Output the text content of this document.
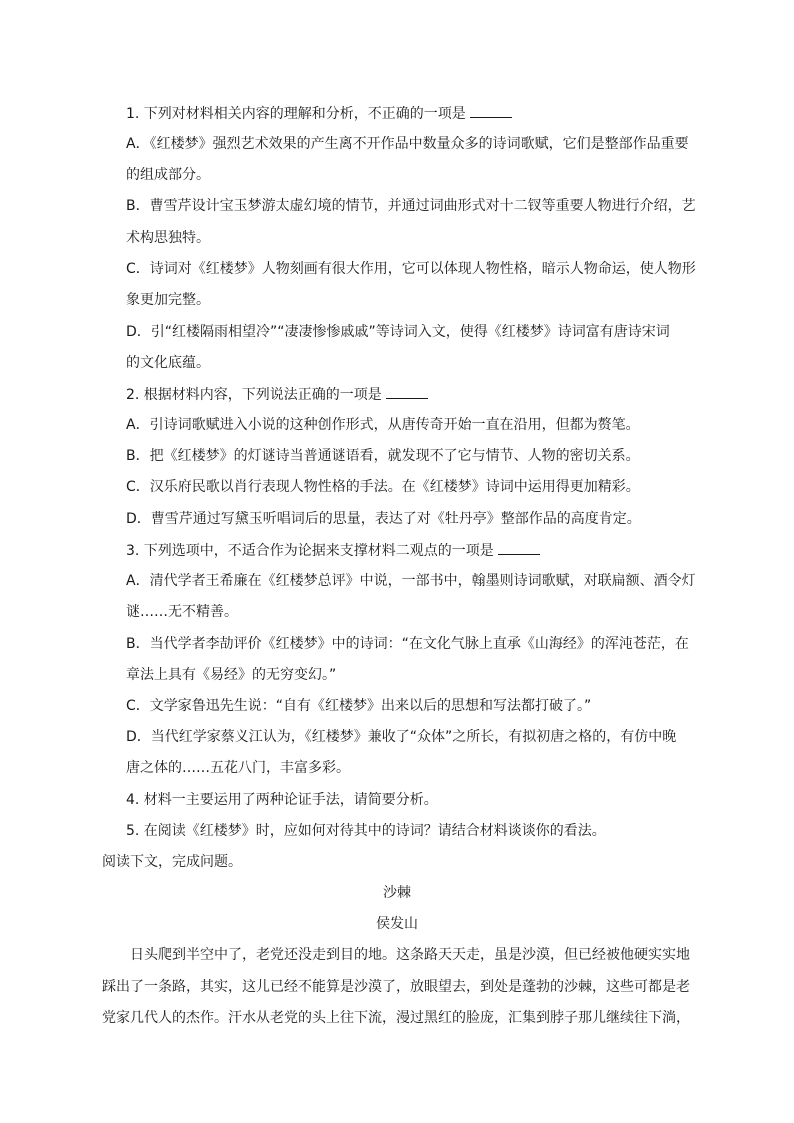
1. 下列对材料相关内容的理解和分析，不正确的一项是
A．《红楼梦》强烈艺术效果的产生离不开作品中数量众多的诗词歌赋，它们是整部作品重要
的组成部分。
B．曹雪芹设计宝玉梦游太虚幻境的情节，并通过词曲形式对十二钗等重要人物进行介绍，艺
术构思独特。
C．诗词对《红楼梦》人物刻画有很大作用，它可以体现人物性格，暗示人物命运，使人物形
象更加完整。
D．引“红楼隔雨相望冷”“凄凄惨惨戚戚”等诗词入文，使得《红楼梦》诗词富有唐诗宋词
的文化底蕴。
2. 根据材料内容，下列说法正确的一项是
A．引诗词歌赋进入小说的这种创作形式，从唐传奇开始一直在沿用，但都为赘笔。
B．把《红楼梦》的灯谜诗当普通谜语看，就发现不了它与情节、人物的密切关系。
C．汉乐府民歌以肖行表现人物性格的手法。在《红楼梦》诗词中运用得更加精彩。
D．曹雪芹通过写黛玉听唱词后的思量，表达了对《牡丹亭》整部作品的高度肯定。
3. 下列选项中，不适合作为论据来支撑材料二观点的一项是
A．清代学者王希廉在《红楼梦总评》中说，一部书中，翰墨则诗词歌赋，对联扁额、酒令灯
谜……无不精善。
B．当代学者李劼评价《红楼梦》中的诗词：“在文化气脉上直承《山海经》的浑沌苍茫，在
章法上具有《易经》的无穷变幻。”
C．文学家鲁迅先生说：“自有《红楼梦》出来以后的思想和写法都打破了。”
D．当代红学家蔡义江认为，《红楼梦》兼收了“众体”之所长，有拟初唐之格的，有仿中晚
唐之体的……五花八门，丰富多彩。
4. 材料一主要运用了两种论证手法，请简要分析。
5. 在阅读《红楼梦》时，应如何对待其中的诗词？请结合材料谈谈你的看法。
阅读下文，完成问题。
沙棘
侯发山
日头爬到半空中了，老党还没走到目的地。这条路天天走，虽是沙漠，但已经被他硬实实地
踩出了一条路，其实，这儿已经不能算是沙漠了，放眼望去，到处是蓬勃的沙棘，这些可都是老
党家几代人的杰作。汗水从老党的头上往下流，漫过黑红的脸庞，汇集到脖子那儿继续往下淌，
